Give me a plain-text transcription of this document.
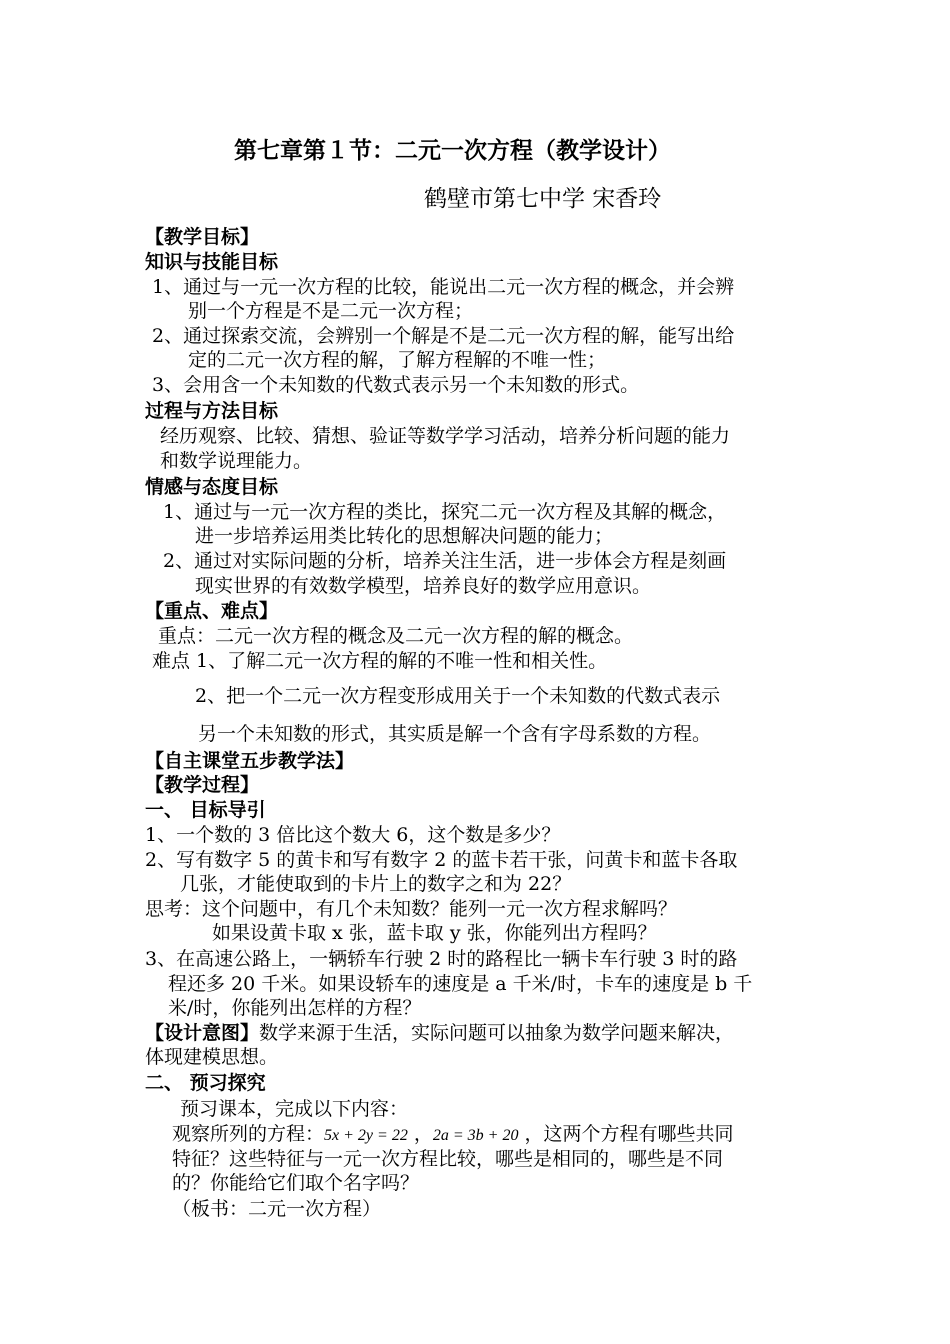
第七章第１节：二元一次方程（教学设计）
鹤壁市第七中学 宋香玲
【教学目标】
知识与技能目标
1、通过与一元一次方程的比较，能说出二元一次方程的概念，并会辨
别一个方程是不是二元一次方程；
2、通过探索交流，会辨别一个解是不是二元一次方程的解，能写出给
定的二元一次方程的解，了解方程解的不唯一性；
3、会用含一个未知数的代数式表示另一个未知数的形式。
过程与方法目标
经历观察、比较、猜想、验证等数学学习活动，培养分析问题的能力
和数学说理能力。
情感与态度目标
1、通过与一元一次方程的类比，探究二元一次方程及其解的概念，
进一步培养运用类比转化的思想解决问题的能力；
2、通过对实际问题的分析，培养关注生活，进一步体会方程是刻画
现实世界的有效数学模型，培养良好的数学应用意识。
【重点、难点】
重点：二元一次方程的概念及二元一次方程的解的概念。
难点 1、了解二元一次方程的解的不唯一性和相关性。
2、把一个二元一次方程变形成用关于一个未知数的代数式表示
另一个未知数的形式，其实质是解一个含有字母系数的方程。
【自主课堂五步教学法】
【教学过程】
一、 目标导引
1、一个数的 3 倍比这个数大 6，这个数是多少？
2、写有数字 5 的黄卡和写有数字 2 的蓝卡若干张，问黄卡和蓝卡各取
几张，才能使取到的卡片上的数字之和为 22？
思考：这个问题中，有几个未知数？能列一元一次方程求解吗？
如果设黄卡取 x 张，蓝卡取 y 张，你能列出方程吗？
3、在高速公路上，一辆轿车行驶 2 时的路程比一辆卡车行驶 3 时的路
程还多 20 千米。如果设轿车的速度是 a 千米/时，卡车的速度是 b 千
米/时，你能列出怎样的方程？
【设计意图】数学来源于生活，实际问题可以抽象为数学问题来解决，
体现建模思想。
二、 预习探究
预习课本，完成以下内容：
观察所列的方程：5x + 2y = 22 ，2a = 3b + 20 ，这两个方程有哪些共同
特征？这些特征与一元一次方程比较，哪些是相同的，哪些是不同
的？你能给它们取个名字吗？
（板书：二元一次方程）
